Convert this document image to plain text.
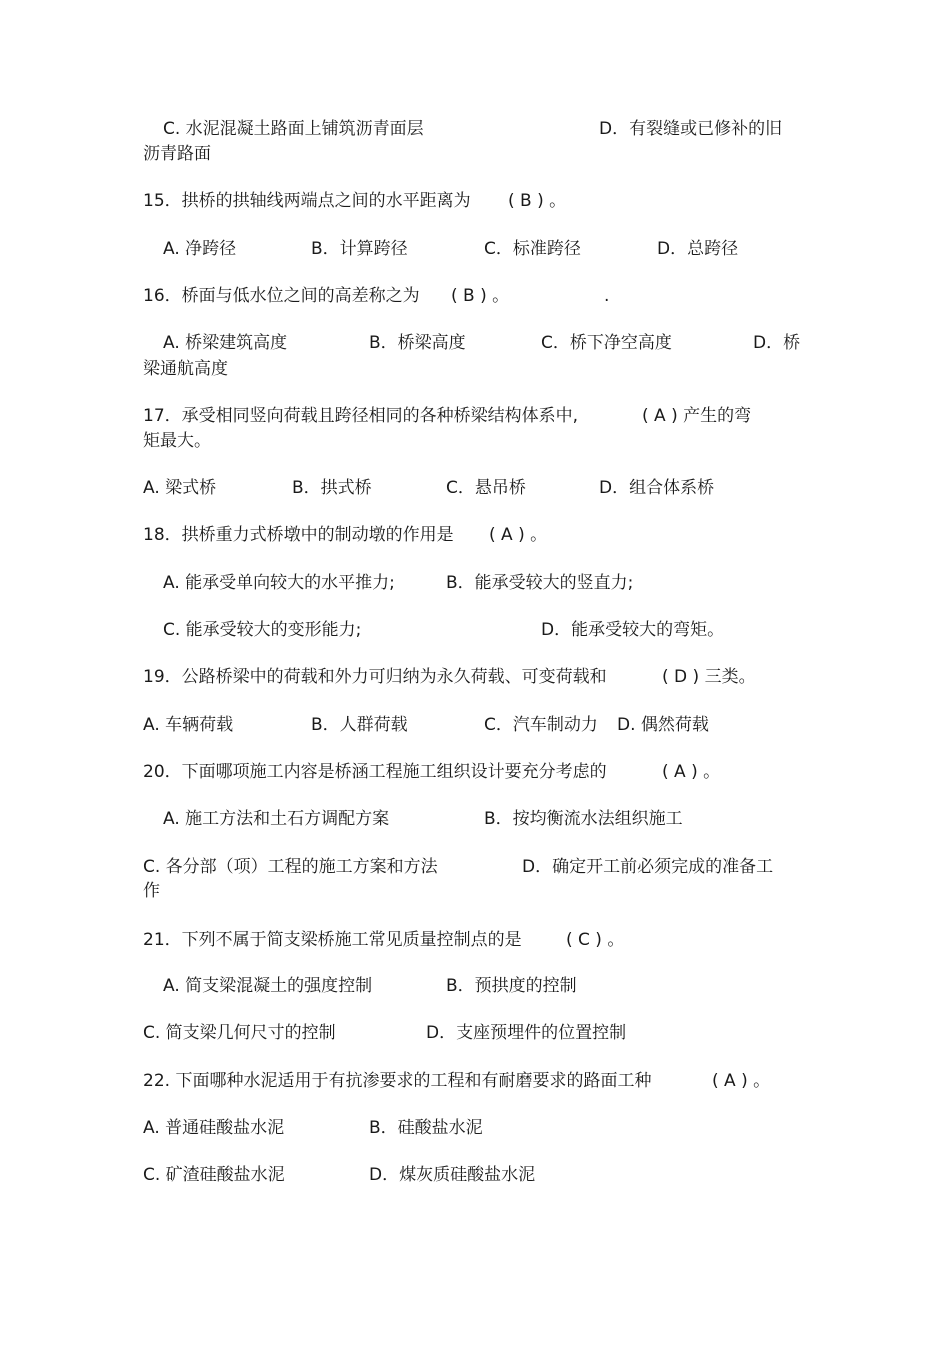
C. 水泥混凝土路面上铺筑沥青面层	D．有裂缝或已修补的旧
沥青路面
15．拱桥的拱轴线两端点之间的水平距离为 ( B ) 。
A. 净跨径	B．计算跨径	C．标准跨径	D．总跨径
16．桥面与低水位之间的高差称之为 ( B ) 。	.
A. 桥梁建筑高度	B．桥梁高度	C．桥下净空高度	D．桥
梁通航高度
17．承受相同竖向荷载且跨径相同的各种桥梁结构体系中,	( A ) 产生的弯
矩最大。
A. 梁式桥	B．拱式桥	C．悬吊桥	D．组合体系桥
18．拱桥重力式桥墩中的制动墩的作用是 ( A ) 。
A. 能承受单向较大的水平推力;	B．能承受较大的竖直力;
C. 能承受较大的变形能力;	D．能承受较大的弯矩。
19．公路桥梁中的荷载和外力可归纳为永久荷载、可变荷载和	( D ) 三类。
A. 车辆荷载	B．人群荷载	C．汽车制动力 D. 偶然荷载
20．下面哪项施工内容是桥涵工程施工组织设计要充分考虑的	( A ) 。
A. 施工方法和土石方调配方案	B．按均衡流水法组织施工
C. 各分部（项）工程的施工方案和方法	D．确定开工前必须完成的准备工
作
21．下列不属于简支梁桥施工常见质量控制点的是	( C ) 。
A. 简支梁混凝土的强度控制	B．预拱度的控制
C. 简支梁几何尺寸的控制	D．支座预埋件的位置控制
22. 下面哪种水泥适用于有抗渗要求的工程和有耐磨要求的路面工种	( A ) 。
A. 普通硅酸盐水泥	B．硅酸盐水泥
C. 矿渣硅酸盐水泥	D．煤灰质硅酸盐水泥
